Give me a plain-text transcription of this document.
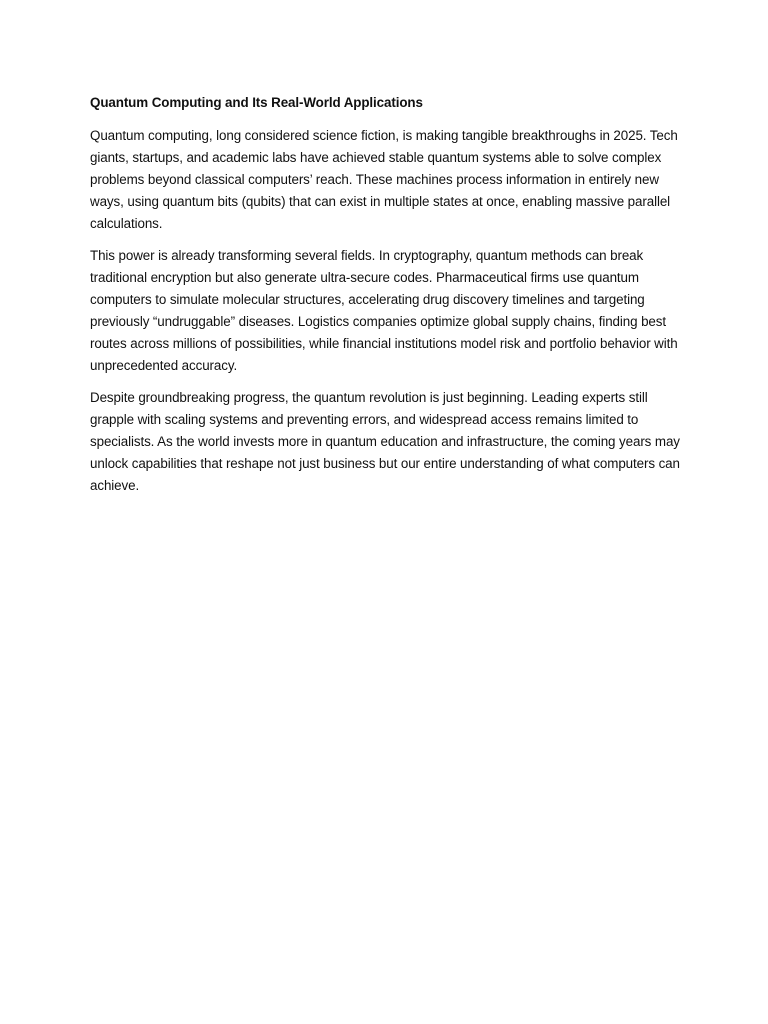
Quantum Computing and Its Real-World Applications

Quantum computing, long considered science fiction, is making tangible breakthroughs in 2025. Tech giants, startups, and academic labs have achieved stable quantum systems able to solve complex problems beyond classical computers’ reach. These machines process information in entirely new ways, using quantum bits (qubits) that can exist in multiple states at once, enabling massive parallel calculations.

This power is already transforming several fields. In cryptography, quantum methods can break traditional encryption but also generate ultra-secure codes. Pharmaceutical firms use quantum computers to simulate molecular structures, accelerating drug discovery timelines and targeting previously “undruggable” diseases. Logistics companies optimize global supply chains, finding best routes across millions of possibilities, while financial institutions model risk and portfolio behavior with unprecedented accuracy.

Despite groundbreaking progress, the quantum revolution is just beginning. Leading experts still grapple with scaling systems and preventing errors, and widespread access remains limited to specialists. As the world invests more in quantum education and infrastructure, the coming years may unlock capabilities that reshape not just business but our entire understanding of what computers can achieve.
